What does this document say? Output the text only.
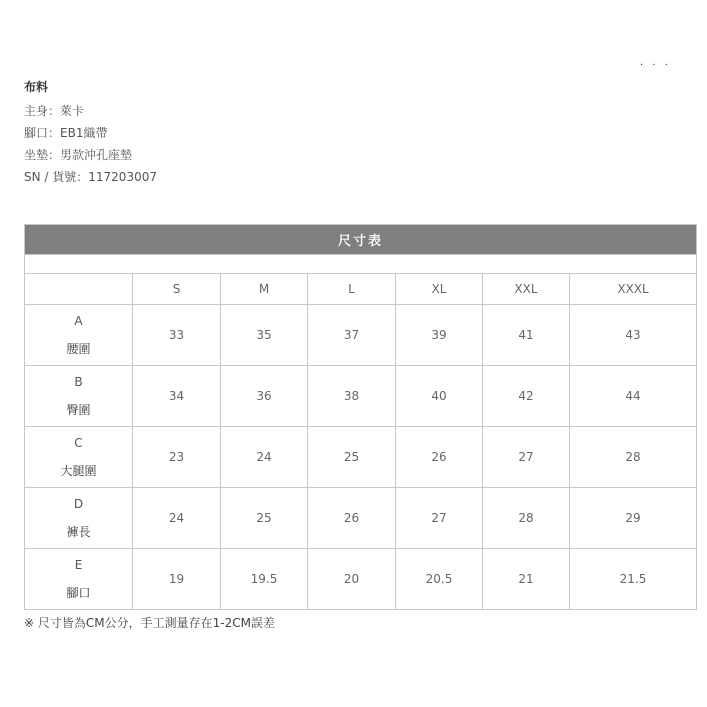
· · ·
布料
主身：萊卡
腳口：EB1織帶
坐墊：男款沖孔座墊
SN / 貨號：117203007
尺寸表						

	S	M	L	XL	XXL	XXXL

A
腰圍	33	35	37	39	41	43

B
臀圍	34	36	38	40	42	44

C
大腿圍	23	24	25	26	27	28

D
褲長	24	25	26	27	28	29

E
腳口	19	19.5	20	20.5	21	21.5
※ 尺寸皆為CM公分，手工測量存在1-2CM誤差
